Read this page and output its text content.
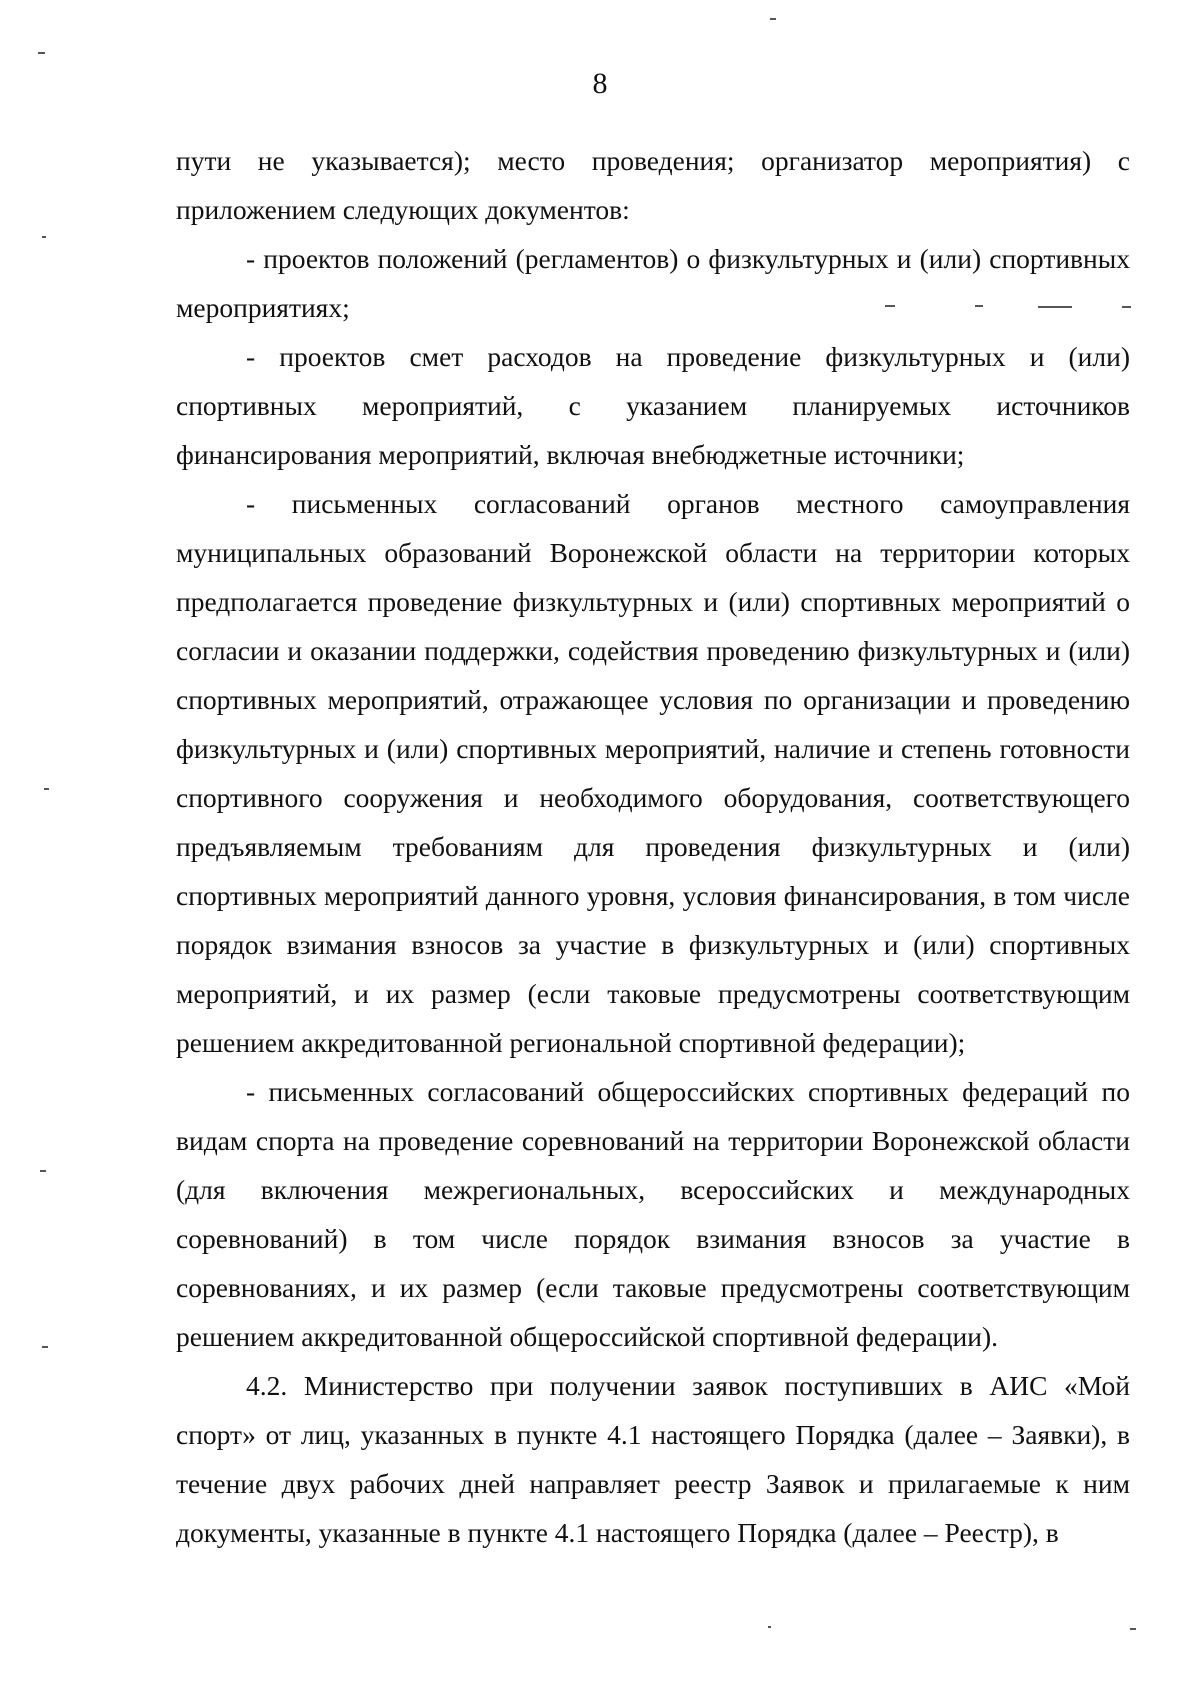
8

пути не указывается); место проведения; организатор мероприятия) с приложением следующих документов:

- проектов положений (регламентов) о физкультурных и (или) спортивных мероприятиях;

- проектов смет расходов на проведение физкультурных и (или) спортивных мероприятий, с указанием планируемых источников финансирования мероприятий, включая внебюджетные источники;

- письменных согласований органов местного самоуправления муниципальных образований Воронежской области на территории которых предполагается проведение физкультурных и (или) спортивных мероприятий о согласии и оказании поддержки, содействия проведению физкультурных и (или) спортивных мероприятий, отражающее условия по организации и проведению физкультурных и (или) спортивных мероприятий, наличие и степень готовности спортивного сооружения и необходимого оборудования, соответствующего предъявляемым требованиям для проведения физкультурных и (или) спортивных мероприятий данного уровня, условия финансирования, в том числе порядок взимания взносов за участие в физкультурных и (или) спортивных мероприятий, и их размер (если таковые предусмотрены соответствующим решением аккредитованной региональной спортивной федерации);

- письменных согласований общероссийских спортивных федераций по видам спорта на проведение соревнований на территории Воронежской области (для включения межрегиональных, всероссийских и международных соревнований) в том числе порядок взимания взносов за участие в соревнованиях, и их размер (если таковые предусмотрены соответствующим решением аккредитованной общероссийской спортивной федерации).

4.2. Министерство при получении заявок поступивших в АИС «Мой спорт» от лиц, указанных в пункте 4.1 настоящего Порядка (далее – Заявки), в течение двух рабочих дней направляет реестр Заявок и прилагаемые к ним документы, указанные в пункте 4.1 настоящего Порядка (далее – Реестр), в
